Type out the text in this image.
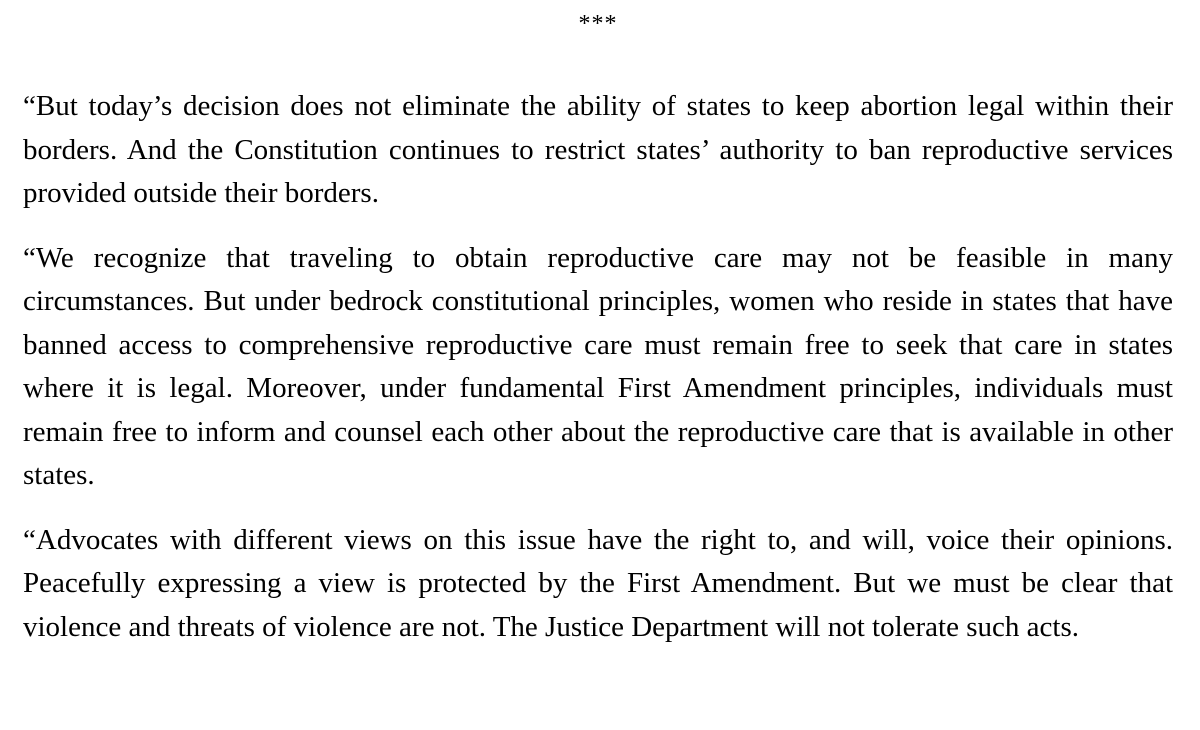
***

“But today’s decision does not eliminate the ability of states to keep abortion legal within their borders. And the Constitution continues to restrict states’ authority to ban reproductive services provided outside their borders.

“We recognize that traveling to obtain reproductive care may not be feasible in many circumstances. But under bedrock constitutional principles, women who reside in states that have banned access to comprehensive reproductive care must remain free to seek that care in states where it is legal. Moreover, under fundamental First Amendment principles, individuals must remain free to inform and counsel each other about the reproductive care that is available in other states.

“Advocates with different views on this issue have the right to, and will, voice their opinions. Peacefully expressing a view is protected by the First Amendment. But we must be clear that violence and threats of violence are not. The Justice Department will not tolerate such acts.
